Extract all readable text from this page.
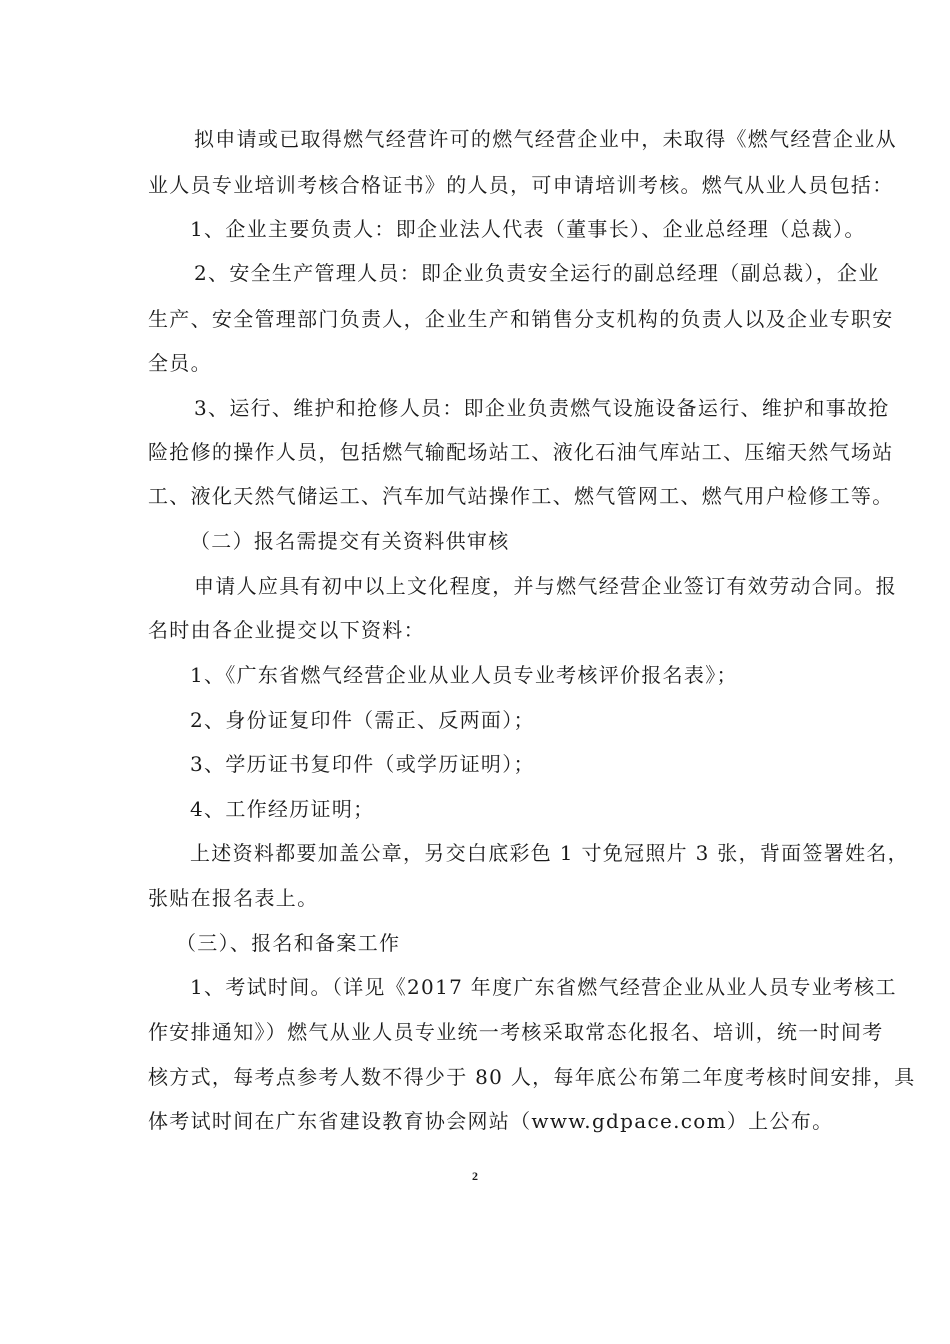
拟申请或已取得燃气经营许可的燃气经营企业中，未取得《燃气经营企业从
业人员专业培训考核合格证书》的人员，可申请培训考核。燃气从业人员包括：
1、企业主要负责人：即企业法人代表（董事长）、企业总经理（总裁）。
2、安全生产管理人员：即企业负责安全运行的副总经理（副总裁），企业
生产、安全管理部门负责人，企业生产和销售分支机构的负责人以及企业专职安
全员。
3、运行、维护和抢修人员：即企业负责燃气设施设备运行、维护和事故抢
险抢修的操作人员，包括燃气输配场站工、液化石油气库站工、压缩天然气场站
工、液化天然气储运工、汽车加气站操作工、燃气管网工、燃气用户检修工等。
（二）报名需提交有关资料供审核
申请人应具有初中以上文化程度，并与燃气经营企业签订有效劳动合同。报
名时由各企业提交以下资料：
1、《广东省燃气经营企业从业人员专业考核评价报名表》；
2、身份证复印件（需正、反两面）；
3、学历证书复印件（或学历证明）；
4、工作经历证明；
上述资料都要加盖公章，另交白底彩色 1 寸免冠照片 3 张，背面签署姓名，
张贴在报名表上。
（三）、报名和备案工作
1、考试时间。（详见《2017 年度广东省燃气经营企业从业人员专业考核工
作安排通知》）燃气从业人员专业统一考核采取常态化报名、培训，统一时间考
核方式，每考点参考人数不得少于 80 人，每年底公布第二年度考核时间安排，具
体考试时间在广东省建设教育协会网站（www.gdpace.com）上公布。
2
